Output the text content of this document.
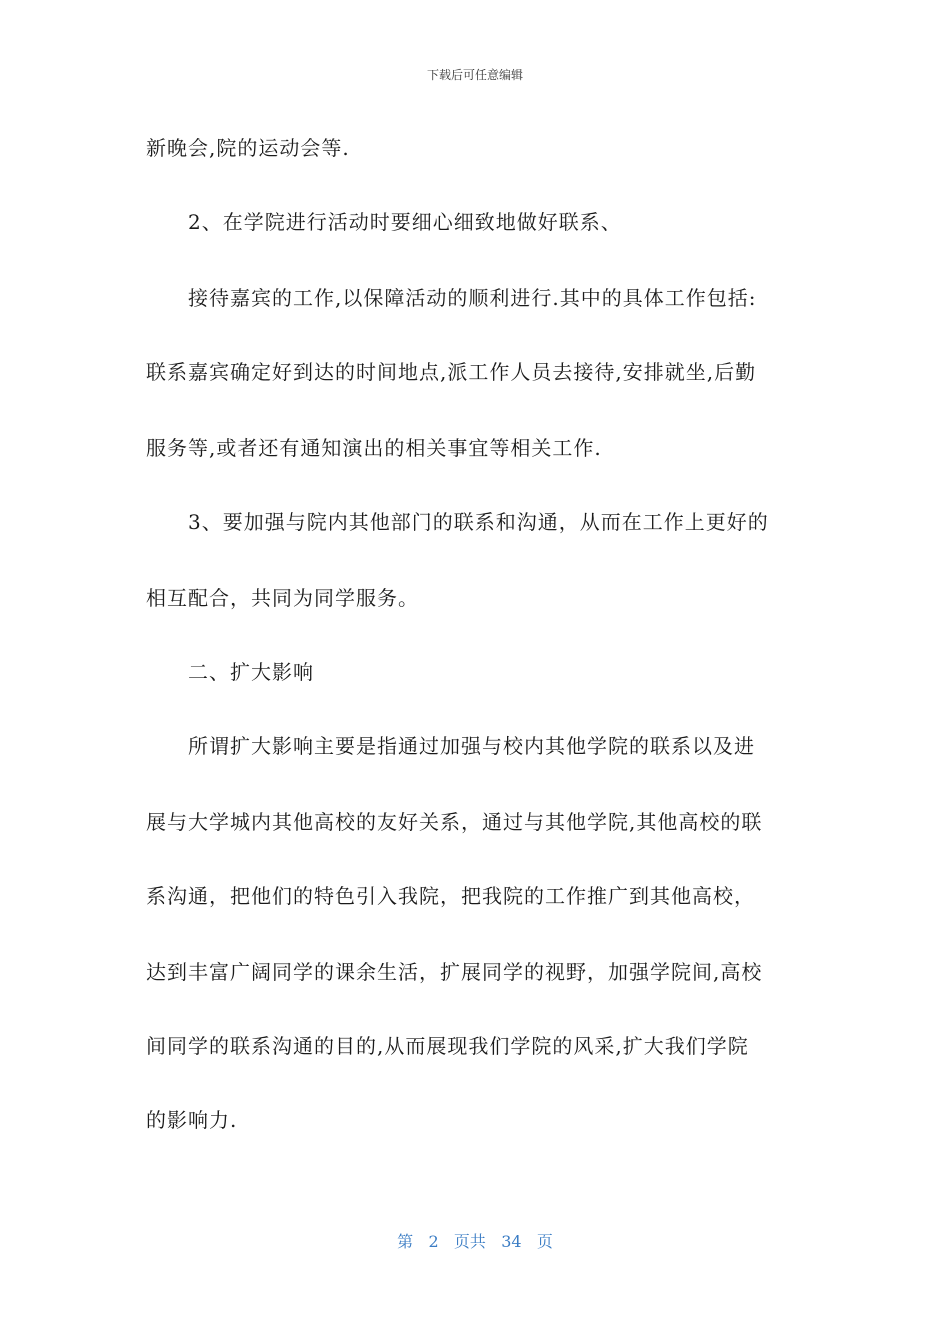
下载后可任意编辑
新晚会,院的运动会等.
2、在学院进行活动时要细心细致地做好联系、
接待嘉宾的工作,以保障活动的顺利进行.其中的具体工作包括:
联系嘉宾确定好到达的时间地点,派工作人员去接待,安排就坐,后勤
服务等,或者还有通知演出的相关事宜等相关工作.
3、要加强与院内其他部门的联系和沟通，从而在工作上更好的
相互配合，共同为同学服务。
二、扩大影响
所谓扩大影响主要是指通过加强与校内其他学院的联系以及进
展与大学城内其他高校的友好关系，通过与其他学院,其他高校的联
系沟通，把他们的特色引入我院，把我院的工作推广到其他高校，
达到丰富广阔同学的课余生活，扩展同学的视野，加强学院间,高校
间同学的联系沟通的目的,从而展现我们学院的风采,扩大我们学院
的影响力.
第 2 页共 34 页
